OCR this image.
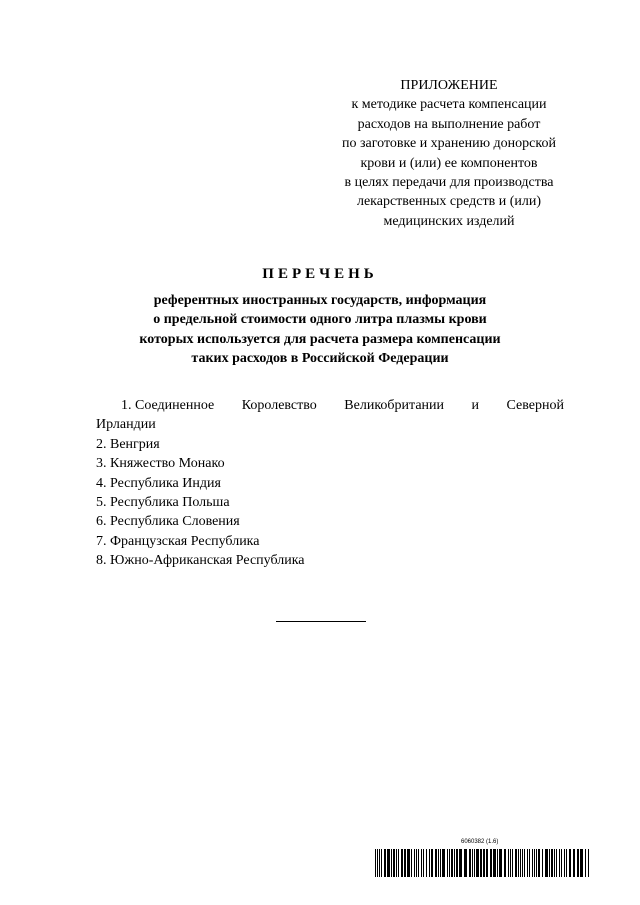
ПРИЛОЖЕНИЕ
к методике расчета компенсации
расходов на выполнение работ
по заготовке и хранению донорской
крови и (или) ее компонентов
в целях передачи для производства
лекарственных средств и (или)
медицинских изделий
ПЕРЕЧЕНЬ
референтных иностранных государств, информация
о предельной стоимости одного литра плазмы крови
которых используется для расчета размера компенсации
таких расходов в Российской Федерации
1. Соединенное Королевство Великобритании и Северной
Ирландии
2. Венгрия
3. Княжество Монако
4. Республика Индия
5. Республика Польша
6. Республика Словения
7. Французская Республика
8. Южно-Африканская Республика
6060382 (1.6)
